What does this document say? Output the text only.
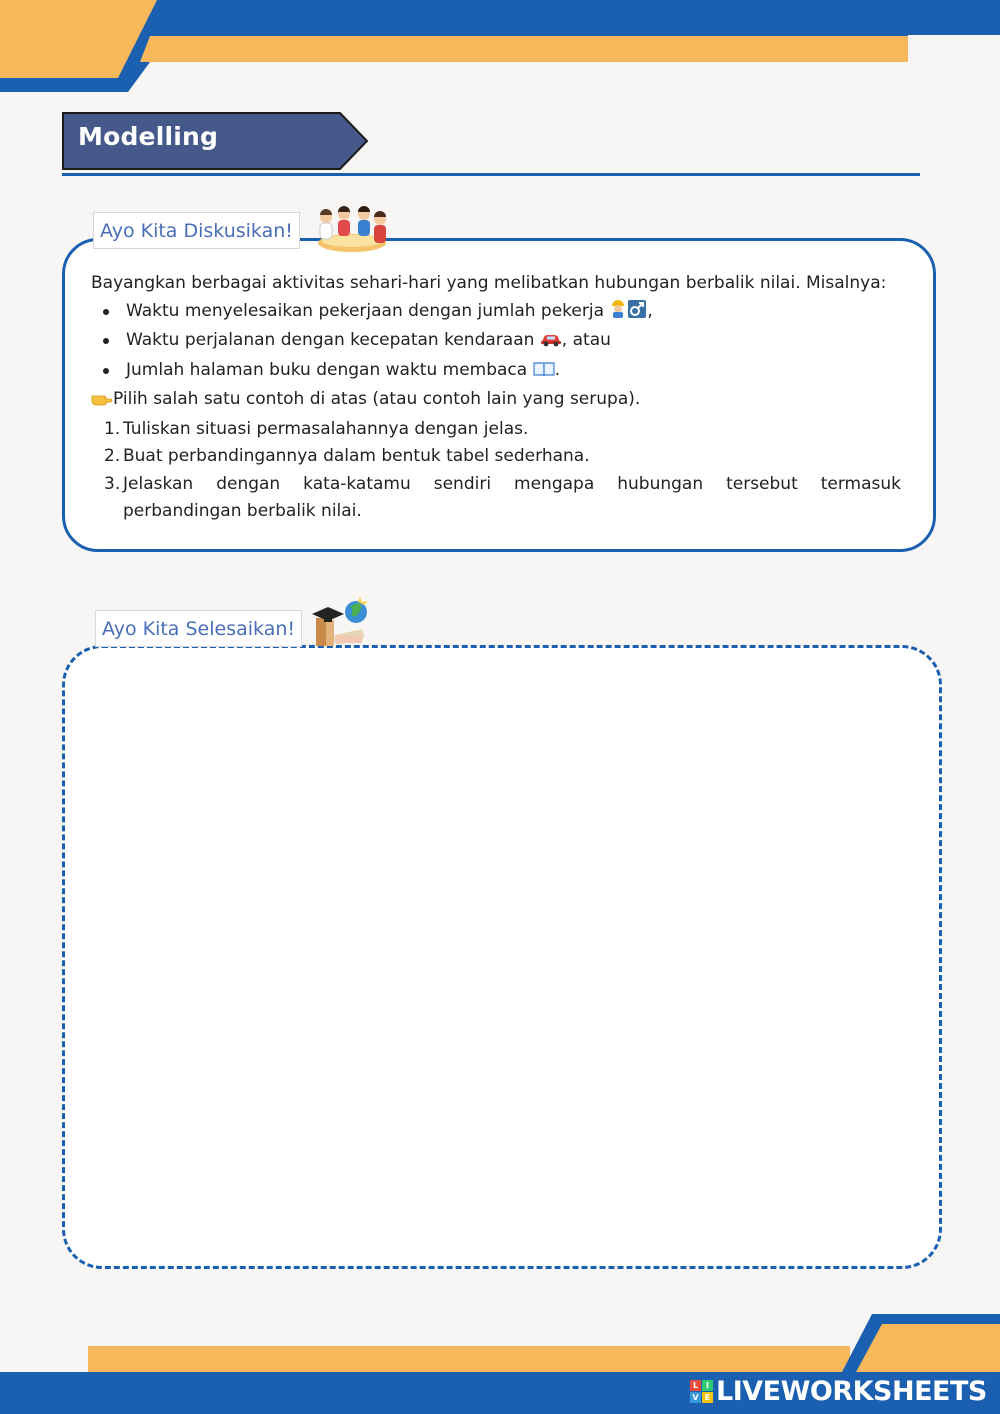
Modelling
Ayo Kita Diskusikan!

Bayangkan berbagai aktivitas sehari-hari yang melibatkan hubungan berbalik nilai. Misalnya:

Waktu menyelesaikan pekerjaan dengan jumlah pekerja	,
Waktu perjalanan dengan kecepatan kendaraan , atau
Jumlah halaman buku dengan waktu membaca .

Pilih salah satu contoh di atas (atau contoh lain yang serupa).

1. Tuliskan situasi permasalahannya dengan jelas.
2. Buat perbandingannya dalam bentuk tabel sederhana.
3. Jelaskan dengan kata-katamu sendiri mengapa hubungan tersebut termasuk perbandingan berbalik nilai.
Ayo Kita Selesaikan!
L I
V E LIVEWORKSHEETS
